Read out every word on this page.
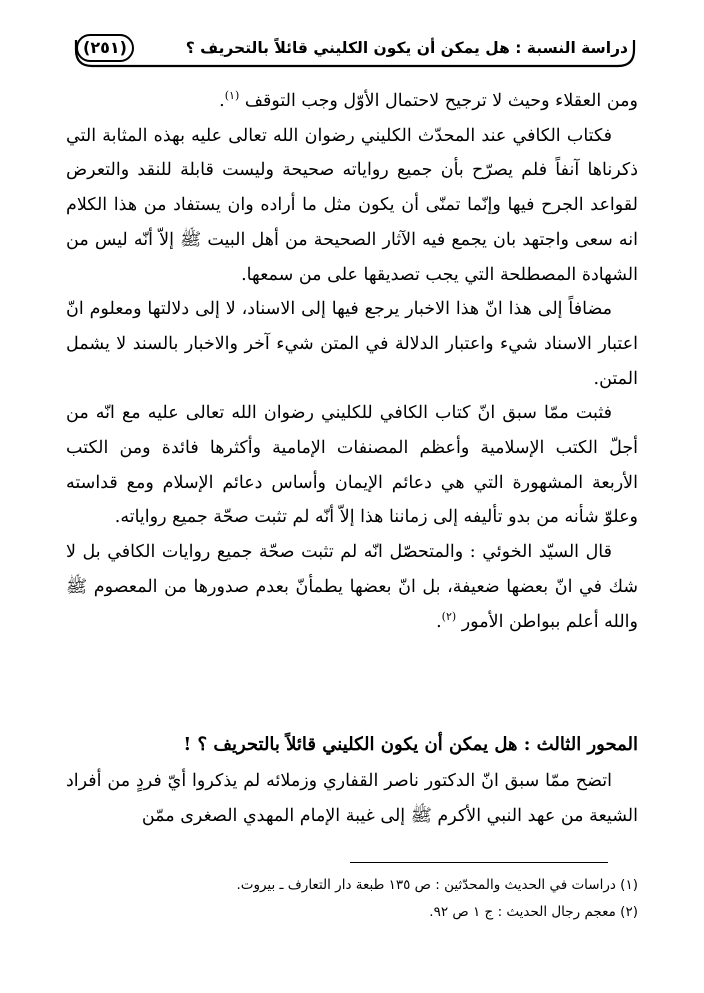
دراسة النسبة : هل يمكن أن يكون الكليني قائلاً بالتحريف ؟
(٢٥١)

ومن العقلاء وحيث لا ترجيح لاحتمال الأوّل وجب التوقف $^{(١)}$.

فكتاب الكافي عند المحدّث الكليني رضوان الله تعالى عليه بهذه المثابة التي ذكرناها آنفاً فلم يصرّح بأن جميع رواياته صحيحة وليست قابلة للنقد والتعرض لقواعد الجرح فيها وإنّما تمنّى أن يكون مثل ما أراده وان يستفاد من هذا الكلام انه سعى واجتهد بان يجمع فيه الآثار الصحيحة من أهل البيت ﷺ إلاّ أنّه ليس من الشهادة المصطلحة التي يجب تصديقها على من سمعها.

مضافاً إلى هذا انّ هذا الاخبار يرجع فيها إلى الاسناد، لا إلى دلالتها ومعلوم انّ اعتبار الاسناد شيء واعتبار الدلالة في المتن شيء آخر والاخبار بالسند لا يشمل المتن.

فثبت ممّا سبق انّ كتاب الكافي للكليني رضوان الله تعالى عليه مع انّه من أجلّ الكتب الإسلامية وأعظم المصنفات الإمامية وأكثرها فائدة ومن الكتب الأربعة المشهورة التي هي دعائم الإيمان وأساس دعائم الإسلام ومع قداسته وعلوّ شأنه من بدو تأليفه إلى زماننا هذا إلاّ أنّه لم تثبت صحّة جميع رواياته.

قال السيّد الخوئي : والمتحصّل انّه لم تثبت صحّة جميع روايات الكافي بل لا شك في انّ بعضها ضعيفة، بل انّ بعضها يطمأنّ بعدم صدورها من المعصوم ﷺ والله أعلم ببواطن الأمور $^{(٢)}$.

المحور الثالث : هل يمكن أن يكون الكليني قائلاً بالتحريف ؟ !
اتضح ممّا سبق انّ الدكتور ناصر القفاري وزملائه لم يذكروا أيّ فردٍ من أفراد الشيعة من عهد النبي الأكرم ﷺ إلى غيبة الإمام المهدي الصغرى ممّن

(١) دراسات في الحديث والمحدّثين : ص ١٣٥ طبعة دار التعارف ـ بيروت.

(٢) معجم رجال الحديث : ج ١ ص ٩٢.
